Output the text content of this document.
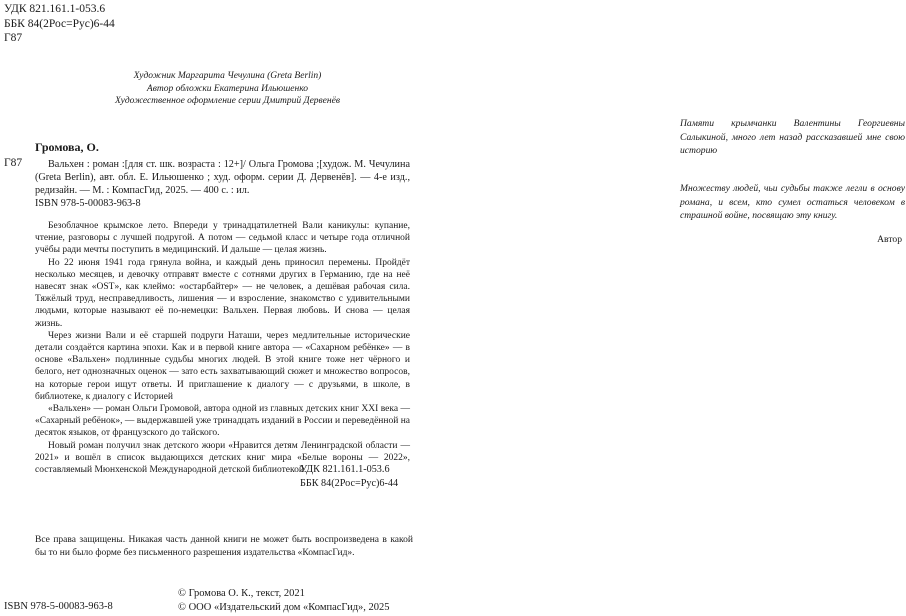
УДК 821.161.1-053.6
ББК 84(2Рос=Рус)6-44
Г87
Художник Маргарита Чечулина (Greta Berlin)
Автор обложки Екатерина Ильюшенко
Художественное оформление серии Дмитрий Дервенёв
Г87
Громова, О.
Вальхен : роман :[для ст. шк. возраста : 12+]/ Ольга Громова ;[худож. М. Чечулина (Greta Berlin), авт. обл. Е. Ильюшенко ; худ. оформ. серии Д. Дервенёв]. — 4-е изд., редизайн. — М. : КомпасГид, 2025. — 400 с. : ил.
ISBN 978-5-00083-963-8

Безоблачное крымское лето. Впереди у тринадцатилетней Вали каникулы: купание, чтение, разговоры с лучшей подругой. А потом — седьмой класс и четыре года отличной учёбы ради мечты поступить в медицинский. И дальше — целая жизнь.

Но 22 июня 1941 года грянула война, и каждый день приносил перемены. Пройдёт несколько месяцев, и девочку отправят вместе с сотнями других в Германию, где на неё навесят знак «OST», как клеймо: «остарбайтер» — не человек, а дешёвая рабочая сила. Тяжёлый труд, несправедливость, лишения — и взросление, знакомство с удивительными людьми, которые называют её по-немецки: Вальхен. Первая любовь. И снова — целая жизнь.

Через жизни Вали и её старшей подруги Наташи, через медлительные исторические детали создаётся картина эпохи. Как и в первой книге автора — «Сахарном ребёнке» — в основе «Вальхен» подлинные судьбы многих людей. В этой книге тоже нет чёрного и белого, нет однозначных оценок — зато есть захватывающий сюжет и множество вопросов, на которые герои ищут ответы. И приглашение к диалогу — с друзьями, в школе, в библиотеке, к диалогу с Историей

«Вальхен» — роман Ольги Громовой, автора одной из главных детских книг XXI века — «Сахарный ребёнок», — выдержавшей уже тринадцать изданий в России и переведённой на десяток языков, от французского до тайского.

Новый роман получил знак детского жюри «Нравится детям Ленинградской области — 2021» и вошёл в список выдающихся детских книг мира «Белые вороны — 2022», составляемый Мюнхенской Международной детской библиотекой.

УДК 821.161.1-053.6
ББК 84(2Рос=Рус)6-44
Все права защищены. Никакая часть данной книги не может быть воспроизведена в какой бы то ни было форме без письменного разрешения издательства «КомпасГид».
© Громова О. К., текст, 2021
© ООО «Издательский дом «КомпасГид», 2025
ISBN 978-5-00083-963-8
Памяти крымчанки Валентины Георгиевны Салыкиной, много лет назад рассказавшей мне свою историю
Множеству людей, чьи судьбы также легли в основу романа, и всем, кто сумел остаться человеком в страшной войне, посвящаю эту книгу.
Автор
